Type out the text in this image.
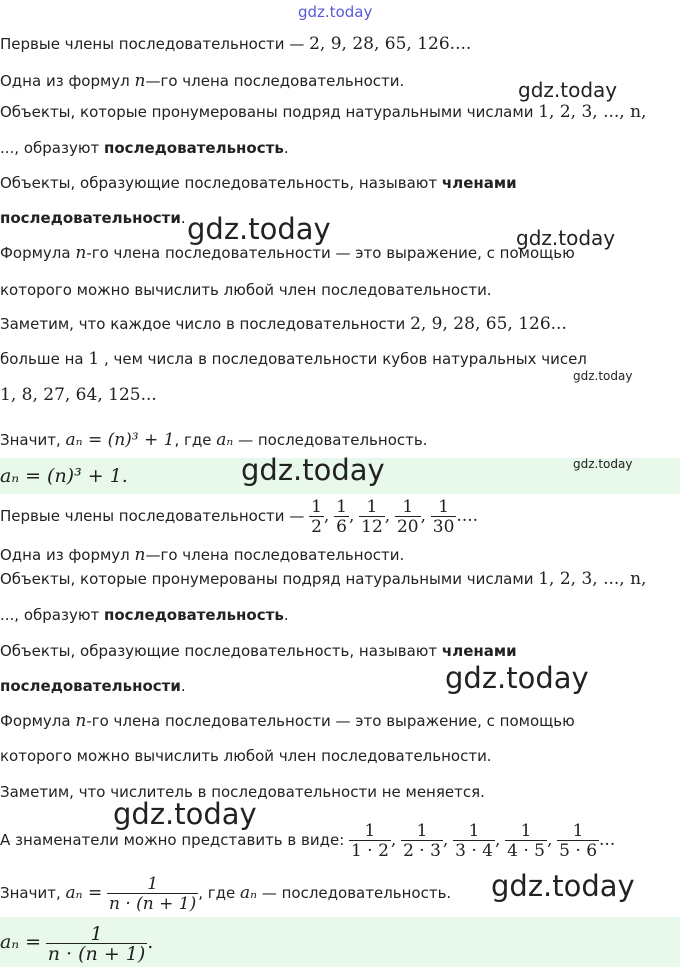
gdz.today
gdz.today
gdz.today	gdz.today
gdz.today
gdz.today	gdz.today
gdz.today
gdz.today
gdz.today
Первые члены последовательности — 2, 9, 28, 65, 126....
Одна из формул n—го члена последовательности.
Объекты, которые пронумерованы подряд натуральными числами 1, 2, 3, ..., n,
..., образуют последовательность.
Объекты, образующие последовательность, называют членами
последовательности.
Формула n-го члена последовательности — это выражение, с помощью
которого можно вычислить любой член последовательности.
Заметим, что каждое число в последовательности 2, 9, 28, 65, 126...
больше на 1 , чем числа в последовательности кубов натуральных чисел
1, 8, 27, 64, 125...
Значит, aₙ = (n)³ + 1, где aₙ — последовательность.
aₙ = (n)³ + 1.
Первые члены последовательности — $\frac{1}{2}$ , $\frac{1}{6}$ , $\frac{1}{12}$ , $\frac{1}{20}$ , $\frac{1}{30}$ ....
Одна из формул n—го члена последовательности.
Объекты, которые пронумерованы подряд натуральными числами 1, 2, 3, ..., n,
..., образуют последовательность.
Объекты, образующие последовательность, называют членами
последовательности.
Формула n-го члена последовательности — это выражение, с помощью
которого можно вычислить любой член последовательности.
Заметим, что числитель в последовательности не меняется.
А знаменатели можно представить в виде: $\frac{1}{1 \cdot 2}$ , $\frac{1}{2 \cdot 3}$ , $\frac{1}{3 \cdot 4}$ , $\frac{1}{4 \cdot 5}$ , $\frac{1}{5 \cdot 6}$ ...
Значит, $a_n = \frac{1}{n \cdot (n + 1)}$ , где aₙ — последовательность.
$a_n = \frac{1}{n \cdot (n + 1)}$ .
